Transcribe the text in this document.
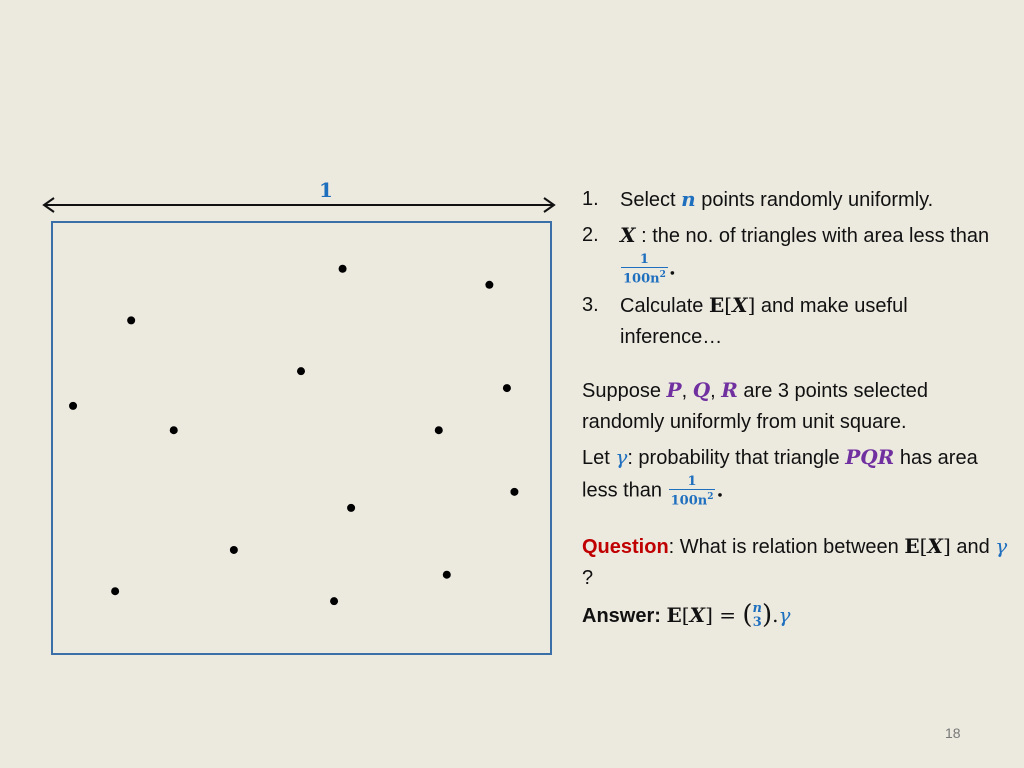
1	1. Select n points randomly uniformly.
2. X : the no. of triangles with area less than
$\frac{1}{100n^2}$ .
3. Calculate E[X] and make useful inference…
Suppose P, Q, R are 3 points selected randomly uniformly from unit square.
Let γ: probability that triangle PQR has area less than $\frac{1}{100n^2}$ .
Question: What is relation between E[X] and γ ?
Answer: E[X] = ( n
3 ).γ
18
